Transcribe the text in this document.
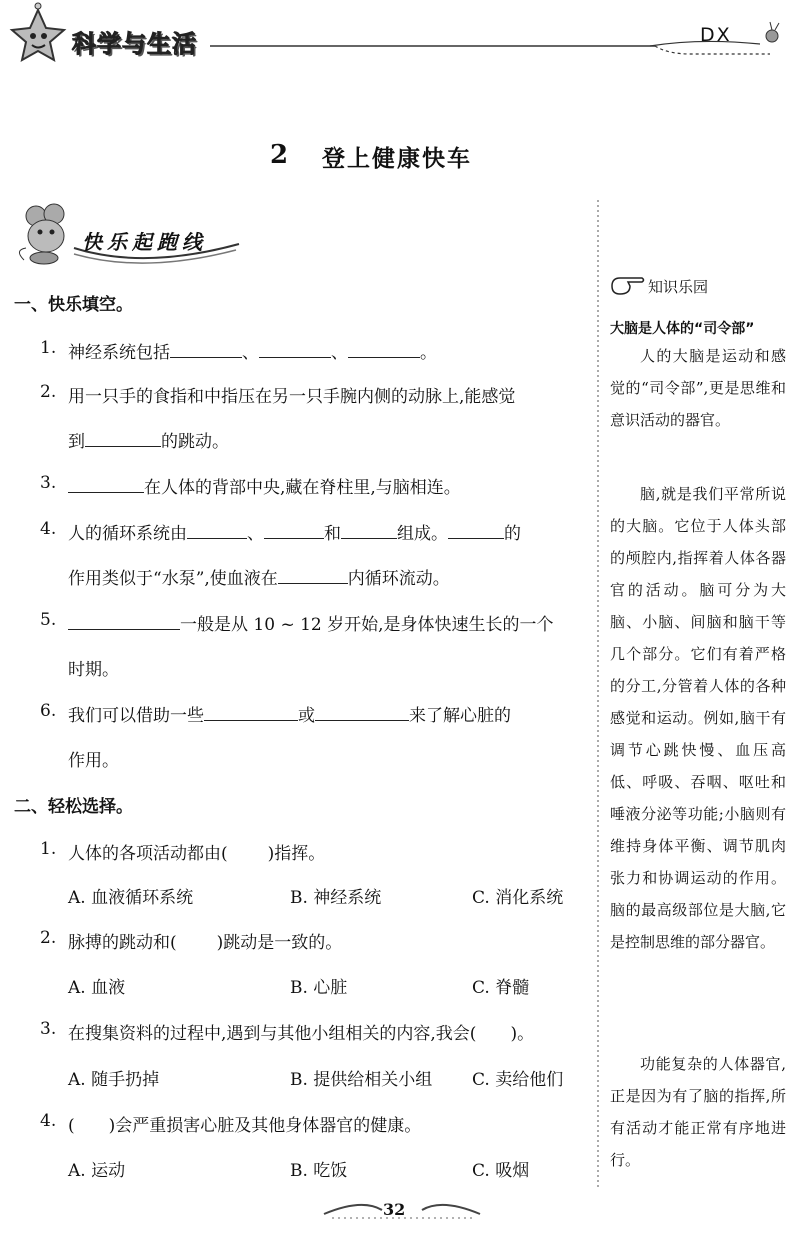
科学与生活	DX
2 登上健康快车
快乐起跑线
一、快乐填空。
1. 神经系统包括	、	、	。
2. 用一只手的食指和中指压在另一只手腕内侧的动脉上,能感觉
到	的跳动。
3.	在人体的背部中央,藏在脊柱里,与脑相连。
4. 人的循环系统由	、	和	组成。	的
作用类似于“水泵”,使血液在	内循环流动。
5.	一般是从 10 ~ 12 岁开始,是身体快速生长的一个
时期。
6. 我们可以借助一些	或	来了解心脏的
作用。
二、轻松选择。
1. 人体的各项活动都由( )指挥。
A. 血液循环系统	B. 神经系统	C. 消化系统
2. 脉搏的跳动和( )跳动是一致的。
A. 血液	B. 心脏	C. 脊髓
3. 在搜集资料的过程中,遇到与其他小组相关的内容,我会( )。
A. 随手扔掉	B. 提供给相关小组 C. 卖给他们
4. ( )会严重损害心脏及其他身体器官的健康。
A. 运动	B. 吃饭	C. 吸烟
知识乐园
大脑是人体的“司令部”

人的大脑是运动和感觉的“司令部”,更是思维和意识活动的器官。

脑,就是我们平常所说的大脑。它位于人体头部的颅腔内,指挥着人体各器官的活动。脑可分为大脑、小脑、间脑和脑干等几个部分。它们有着严格的分工,分管着人体的各种感觉和运动。例如,脑干有调节心跳快慢、血压高低、呼吸、吞咽、呕吐和唾液分泌等功能;小脑则有维持身体平衡、调节肌肉张力和协调运动的作用。脑的最高级部位是大脑,它是控制思维的部分器官。

功能复杂的人体器官,正是因为有了脑的指挥,所有活动才能正常有序地进行。

32
